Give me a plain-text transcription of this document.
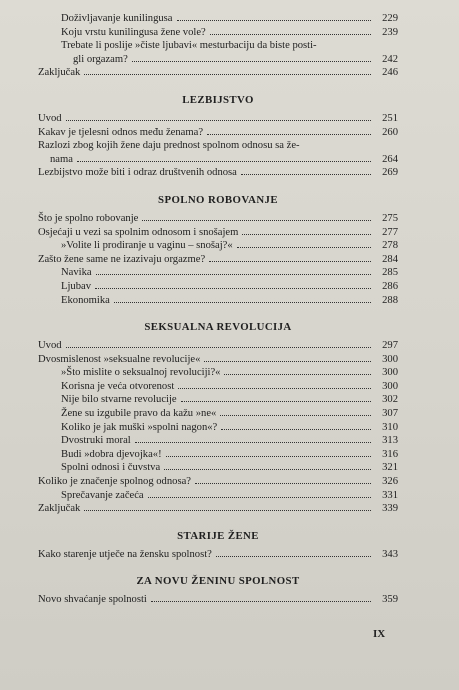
Doživljavanje kunilingusa	229
Koju vrstu kunilingusa žene vole?	239
Trebate li poslije »čiste ljubavi« mesturbaciju da biste posti-
gli orgazam?	242
Zaključak	246
LEZBIJSTVO
Uvod	251
Kakav je tjelesni odnos među ženama?	260
Razlozi zbog kojih žene daju prednost spolnom odnosu sa že-
nama	264
Lezbijstvo može biti i odraz društvenih odnosa	269
SPOLNO ROBOVANJE
Što je spolno robovanje	275
Osjećaji u vezi sa spolnim odnosom i snošajem	277
»Volite li prodiranje u vaginu – snošaj?«	278
Zašto žene same ne izazivaju orgazme?	284
Navika	285
Ljubav	286
Ekonomika	288
SEKSUALNA REVOLUCIJA
Uvod	297
Dvosmislenost »seksualne revolucije«	300
»Što mislite o seksualnoj revoluciji?«	300
Korisna je veća otvorenost	300
Nije bilo stvarne revolucije	302
Žene su izgubile pravo da kažu »ne«	307
Koliko je jak muški »spolni nagon«?	310
Dvostruki moral	313
Budi »dobra djevojka«!	316
Spolni odnosi i čuvstva	321
Koliko je značenje spolnog odnosa?	326
Sprečavanje začeća	331
Zaključak	339
STARIJE ŽENE
Kako starenje utječe na žensku spolnost?	343
ZA NOVU ŽENINU SPOLNOST
Novo shvaćanje spolnosti	359
IX
